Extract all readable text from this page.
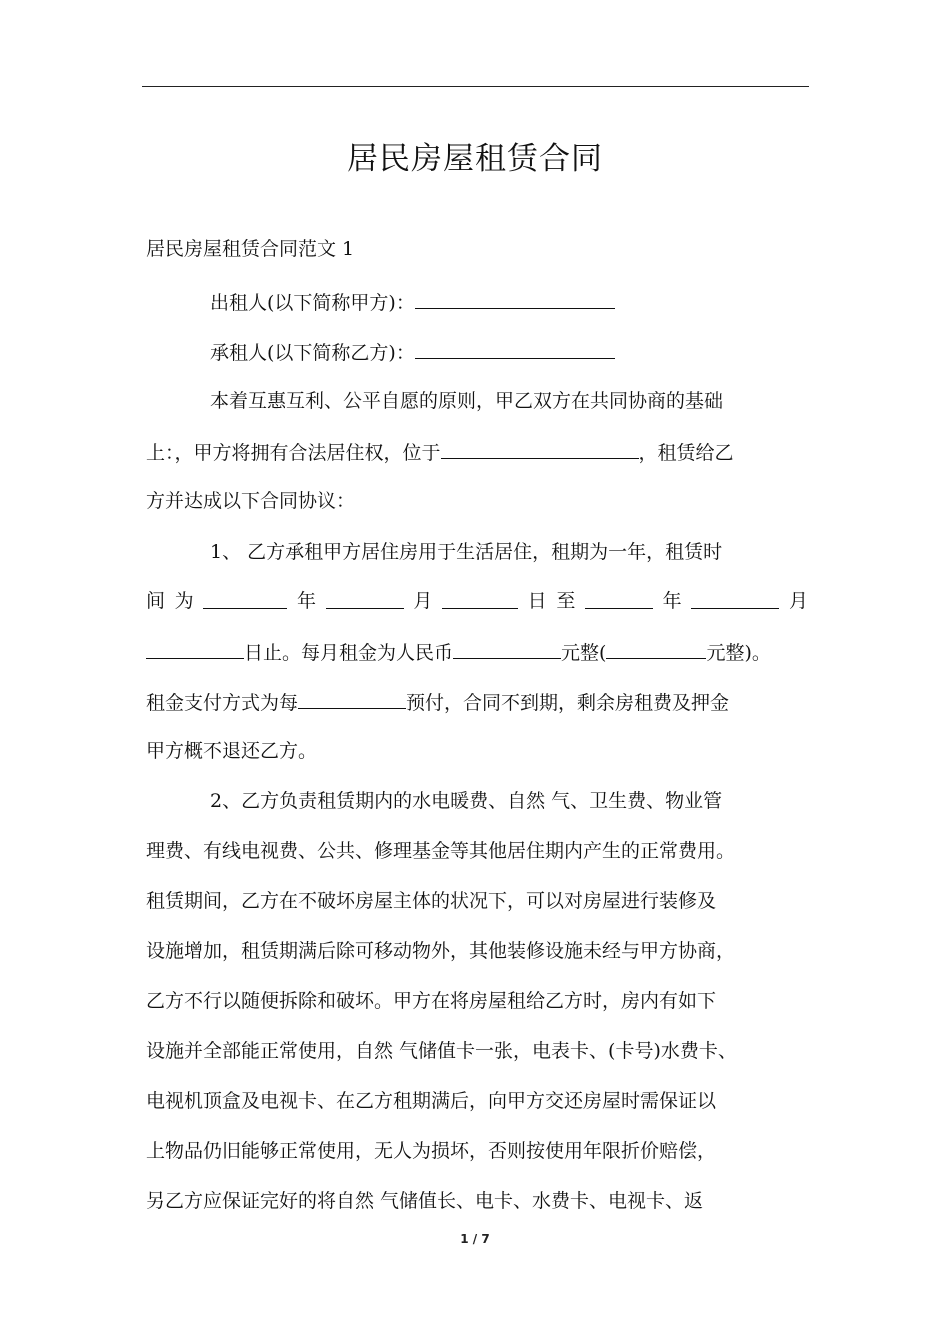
居民房屋租赁合同
居民房屋租赁合同范文 1
出租人(以下简称甲方)：
承租人(以下简称乙方)：
本着互惠互利、公平自愿的原则，甲乙双方在共同协商的基础
上：，甲方将拥有合法居住权，位于	，租赁给乙
方并达成以下合同协议：
1、 乙方承租甲方居住房用于生活居住，租期为一年，租赁时
间 为	年	月	日 至	年	月
日止。每月租金为人民币	元整(	元整)。
租金支付方式为每	预付，合同不到期，剩余房租费及押金
甲方概不退还乙方。
2、乙方负责租赁期内的水电暖费、自然 气、卫生费、物业管
理费、有线电视费、公共、修理基金等其他居住期内产生的正常费用。
租赁期间，乙方在不破坏房屋主体的状况下，可以对房屋进行装修及
设施增加，租赁期满后除可移动物外，其他装修设施未经与甲方协商，
乙方不行以随便拆除和破坏。甲方在将房屋租给乙方时，房内有如下
设施并全部能正常使用，自然 气储值卡一张，电表卡、(卡号)水费卡、
电视机顶盒及电视卡、在乙方租期满后，向甲方交还房屋时需保证以
上物品仍旧能够正常使用，无人为损坏，否则按使用年限折价赔偿，
另乙方应保证完好的将自然 气储值长、电卡、水费卡、电视卡、返
1 / 7
